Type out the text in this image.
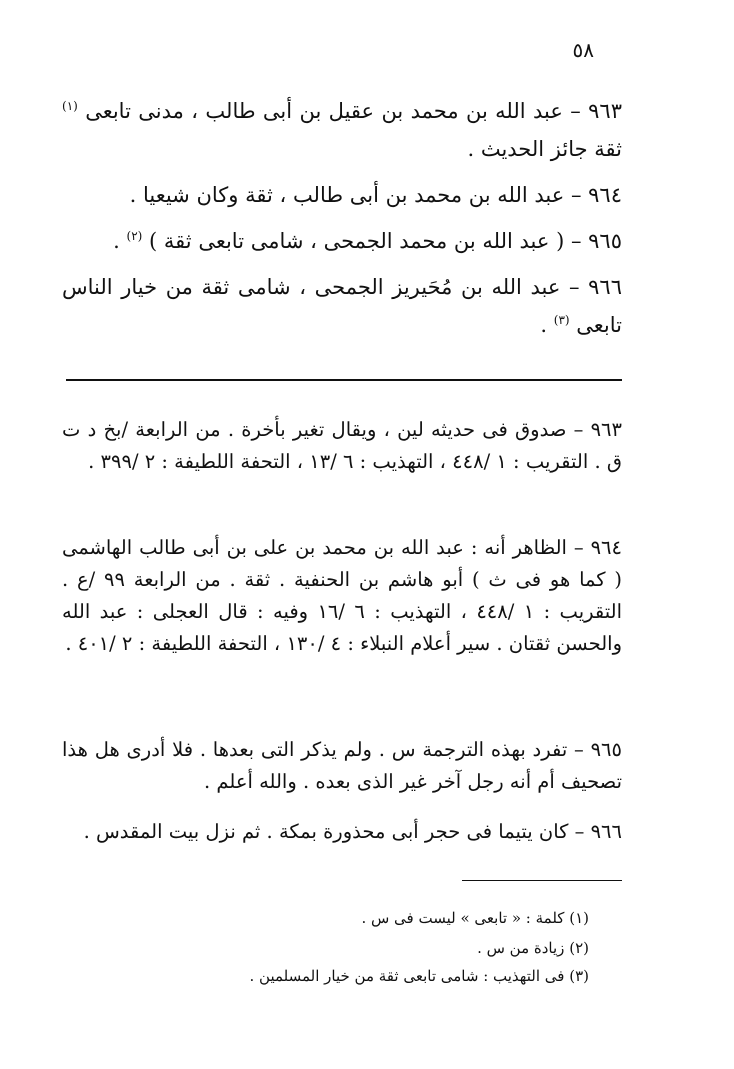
٥٨
٩٦٣ – عبد الله بن محمد بن عقيل بن أبى طالب ، مدنى تابعى $^{(١)}$ ثقة جائز الحديث .
٩٦٤ – عبد الله بن محمد بن أبى طالب ، ثقة وكان شيعيا .
٩٦٥ – ( عبد الله بن محمد الجمحى ، شامى تابعى ثقة ) $^{(٢)}$ .
٩٦٦ – عبد الله بن مُحَيريز الجمحى ، شامى ثقة من خيار الناس تابعى $^{(٣)}$ .
٩٦٣ – صدوق فى حديثه لين ، ويقال تغير بأخرة . من الرابعة /بخ د ت ق . التقريب : ١ /٤٤٨ ، التهذيب : ٦ /١٣ ، التحفة اللطيفة : ٢ /٣٩٩ .
٩٦٤ – الظاهر أنه : عبد الله بن محمد بن على بن أبى طالب الهاشمى ( كما هو فى ث ) أبو هاشم بن الحنفية . ثقة . من الرابعة ٩٩ /ع . التقريب : ١ /٤٤٨ ، التهذيب : ٦ /١٦ وفيه : قال العجلى : عبد الله والحسن ثقتان . سير أعلام النبلاء : ٤ /١٣٠ ، التحفة اللطيفة : ٢ /٤٠١ .
٩٦٥ – تفرد بهذه الترجمة س . ولم يذكر التى بعدها . فلا أدرى هل هذا تصحيف أم أنه رجل آخر غير الذى بعده . والله أعلم .
٩٦٦ – كان يتيما فى حجر أبى محذورة بمكة . ثم نزل بيت المقدس .
(١) كلمة : « تابعى » ليست فى س .
(٢) زيادة من س .
(٣) فى التهذيب : شامى تابعى ثقة من خيار المسلمين .
